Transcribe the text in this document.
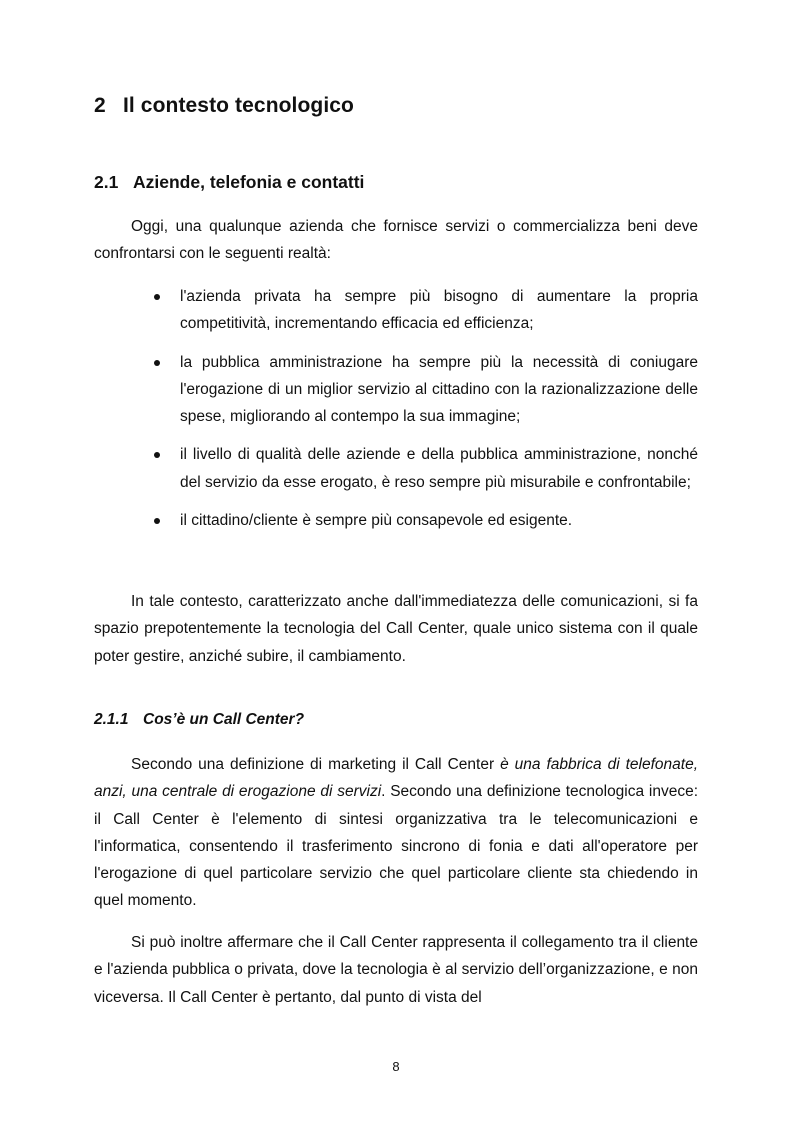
2 Il contesto tecnologico
2.1 Aziende, telefonia e contatti

Oggi, una qualunque azienda che fornisce servizi o commercializza beni deve confrontarsi con le seguenti realtà:

l'azienda privata ha sempre più bisogno di aumentare la propria competitività, incrementando efficacia ed efficienza;
la pubblica amministrazione ha sempre più la necessità di coniugare l'erogazione di un miglior servizio al cittadino con la razionalizzazione delle spese, migliorando al contempo la sua immagine;
il livello di qualità delle aziende e della pubblica amministrazione, nonché del servizio da esse erogato, è reso sempre più misurabile e confrontabile;
il cittadino/cliente è sempre più consapevole ed esigente.

In tale contesto, caratterizzato anche dall'immediatezza delle comunicazioni, si fa spazio prepotentemente la tecnologia del Call Center, quale unico sistema con il quale poter gestire, anziché subire, il cambiamento.

2.1.1 Cos’è un Call Center?

Secondo una definizione di marketing il Call Center è una fabbrica di telefonate, anzi, una centrale di erogazione di servizi. Secondo una definizione tecnologica invece: il Call Center è l'elemento di sintesi organizzativa tra le telecomunicazioni e l'informatica, consentendo il trasferimento sincrono di fonia e dati all'operatore per l'erogazione di quel particolare servizio che quel particolare cliente sta chiedendo in quel momento.

Si può inoltre affermare che il Call Center rappresenta il collegamento tra il cliente e l'azienda pubblica o privata, dove la tecnologia è al servizio dell’organizzazione, e non viceversa. Il Call Center è pertanto, dal punto di vista del

8
